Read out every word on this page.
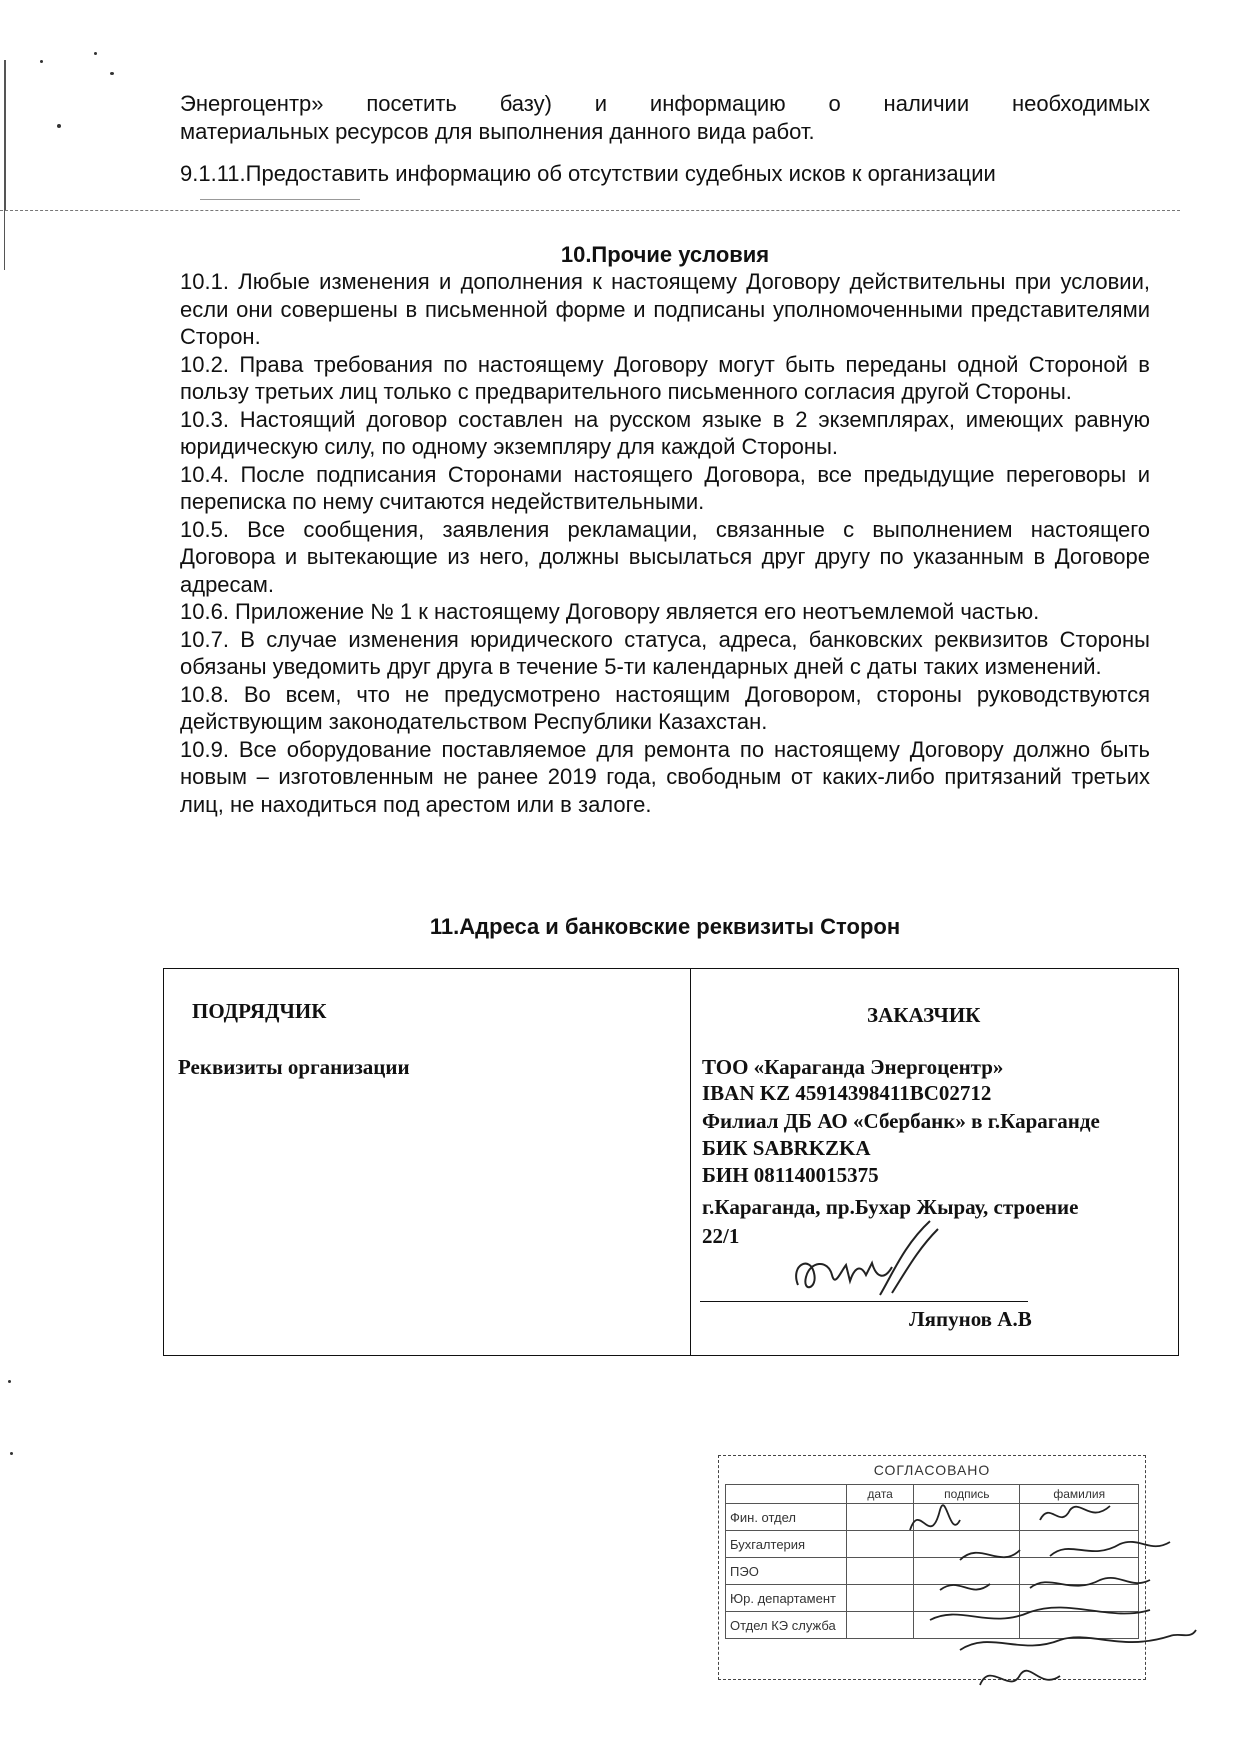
Энергоцентр» посетить базу) и информацию о наличии необходимых

материальных ресурсов для выполнения данного вида работ.

9.1.11.Предоставить информацию об отсутствии судебных исков к организации

10.Прочие условия

10.1. Любые изменения и дополнения к настоящему Договору действительны при условии, если они совершены в письменной форме и подписаны уполномоченными представителями Сторон.

10.2. Права требования по настоящему Договору могут быть переданы одной Стороной в пользу третьих лиц только с предварительного письменного согласия другой Стороны.

10.3. Настоящий договор составлен на русском языке в 2 экземплярах, имеющих равную юридическую силу, по одному экземпляру для каждой Стороны.

10.4. После подписания Сторонами настоящего Договора, все предыдущие переговоры и переписка по нему считаются недействительными.

10.5. Все сообщения, заявления рекламации, связанные с выполнением настоящего Договора и вытекающие из него, должны высылаться друг другу по указанным в Договоре адресам.

10.6. Приложение № 1 к настоящему Договору является его неотъемлемой частью.

10.7. В случае изменения юридического статуса, адреса, банковских реквизитов Стороны обязаны уведомить друг друга в течение 5-ти календарных дней с даты таких изменений.

10.8. Во всем, что не предусмотрено настоящим Договором, стороны руководствуются действующим законодательством Республики Казахстан.

10.9. Все оборудование поставляемое для ремонта по настоящему Договору должно быть новым – изготовленным не ранее 2019 года, свободным от каких-либо притязаний третьих лиц, не находиться под арестом или в залоге.

11.Адреса и банковские реквизиты Сторон
ПОДРЯДЧИК
Реквизиты организации
ЗАКАЗЧИК
ТОО «Караганда Энергоцентр»
IBAN KZ 45914398411BC02712
Филиал ДБ АО «Сбербанк» в г.Караганде
БИК SABRKZKA
БИН 081140015375
г.Караганда, пр.Бухар Жырау, строение
22/1
Ляпунов А.В
СОГЛАСОВАНО
	дата	подпись	фамилия
Фин. отдел			
Бухгалтерия			
ПЭО			
Юр. департамент			
Отдел КЭ служба			
